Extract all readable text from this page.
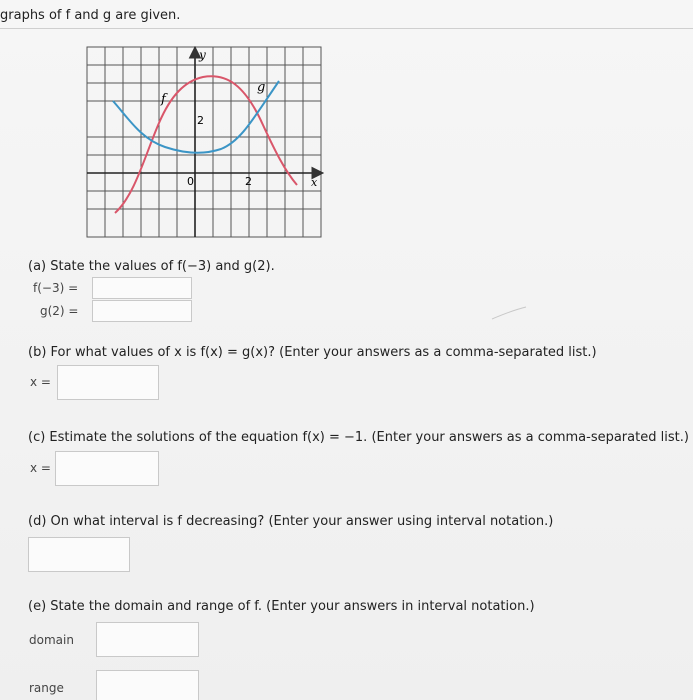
graphs of f and g are given.
f
g
y
x
0	2
2
(a) State the values of f(−3) and g(2).
f(−3) =
g(2) =
(b) For what values of x is f(x) = g(x)? (Enter your answers as a comma-separated list.)
x =
(c) Estimate the solutions of the equation f(x) = −1. (Enter your answers as a comma-separated list.)
x =
(d) On what interval is f decreasing? (Enter your answer using interval notation.)
(e) State the domain and range of f. (Enter your answers in interval notation.)
domain
range
